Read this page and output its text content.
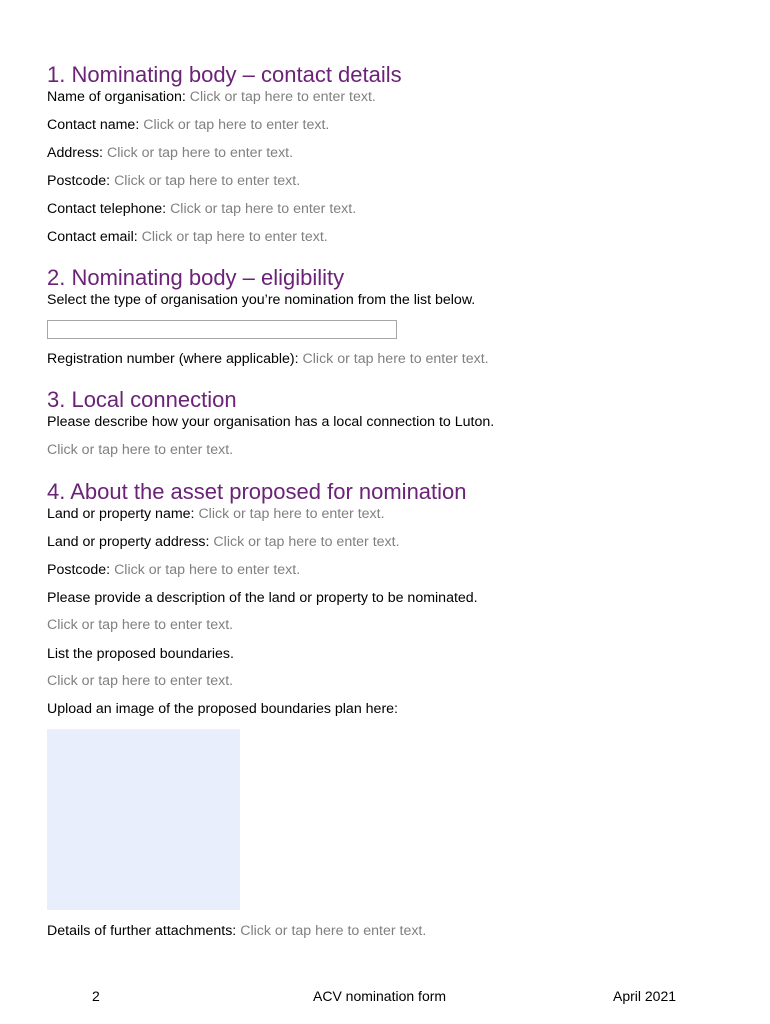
1. Nominating body – contact details
Name of organisation: Click or tap here to enter text.
Contact name: Click or tap here to enter text.
Address: Click or tap here to enter text.
Postcode: Click or tap here to enter text.
Contact telephone: Click or tap here to enter text.
Contact email: Click or tap here to enter text.
2. Nominating body – eligibility
Select the type of organisation you’re nomination from the list below.
Registration number (where applicable): Click or tap here to enter text.
3. Local connection
Please describe how your organisation has a local connection to Luton.
Click or tap here to enter text.
4. About the asset proposed for nomination
Land or property name: Click or tap here to enter text.
Land or property address: Click or tap here to enter text.
Postcode: Click or tap here to enter text.
Please provide a description of the land or property to be nominated.
Click or tap here to enter text.
List the proposed boundaries.
Click or tap here to enter text.
Upload an image of the proposed boundaries plan here:
Details of further attachments: Click or tap here to enter text.
2	ACV nomination form	April 2021
